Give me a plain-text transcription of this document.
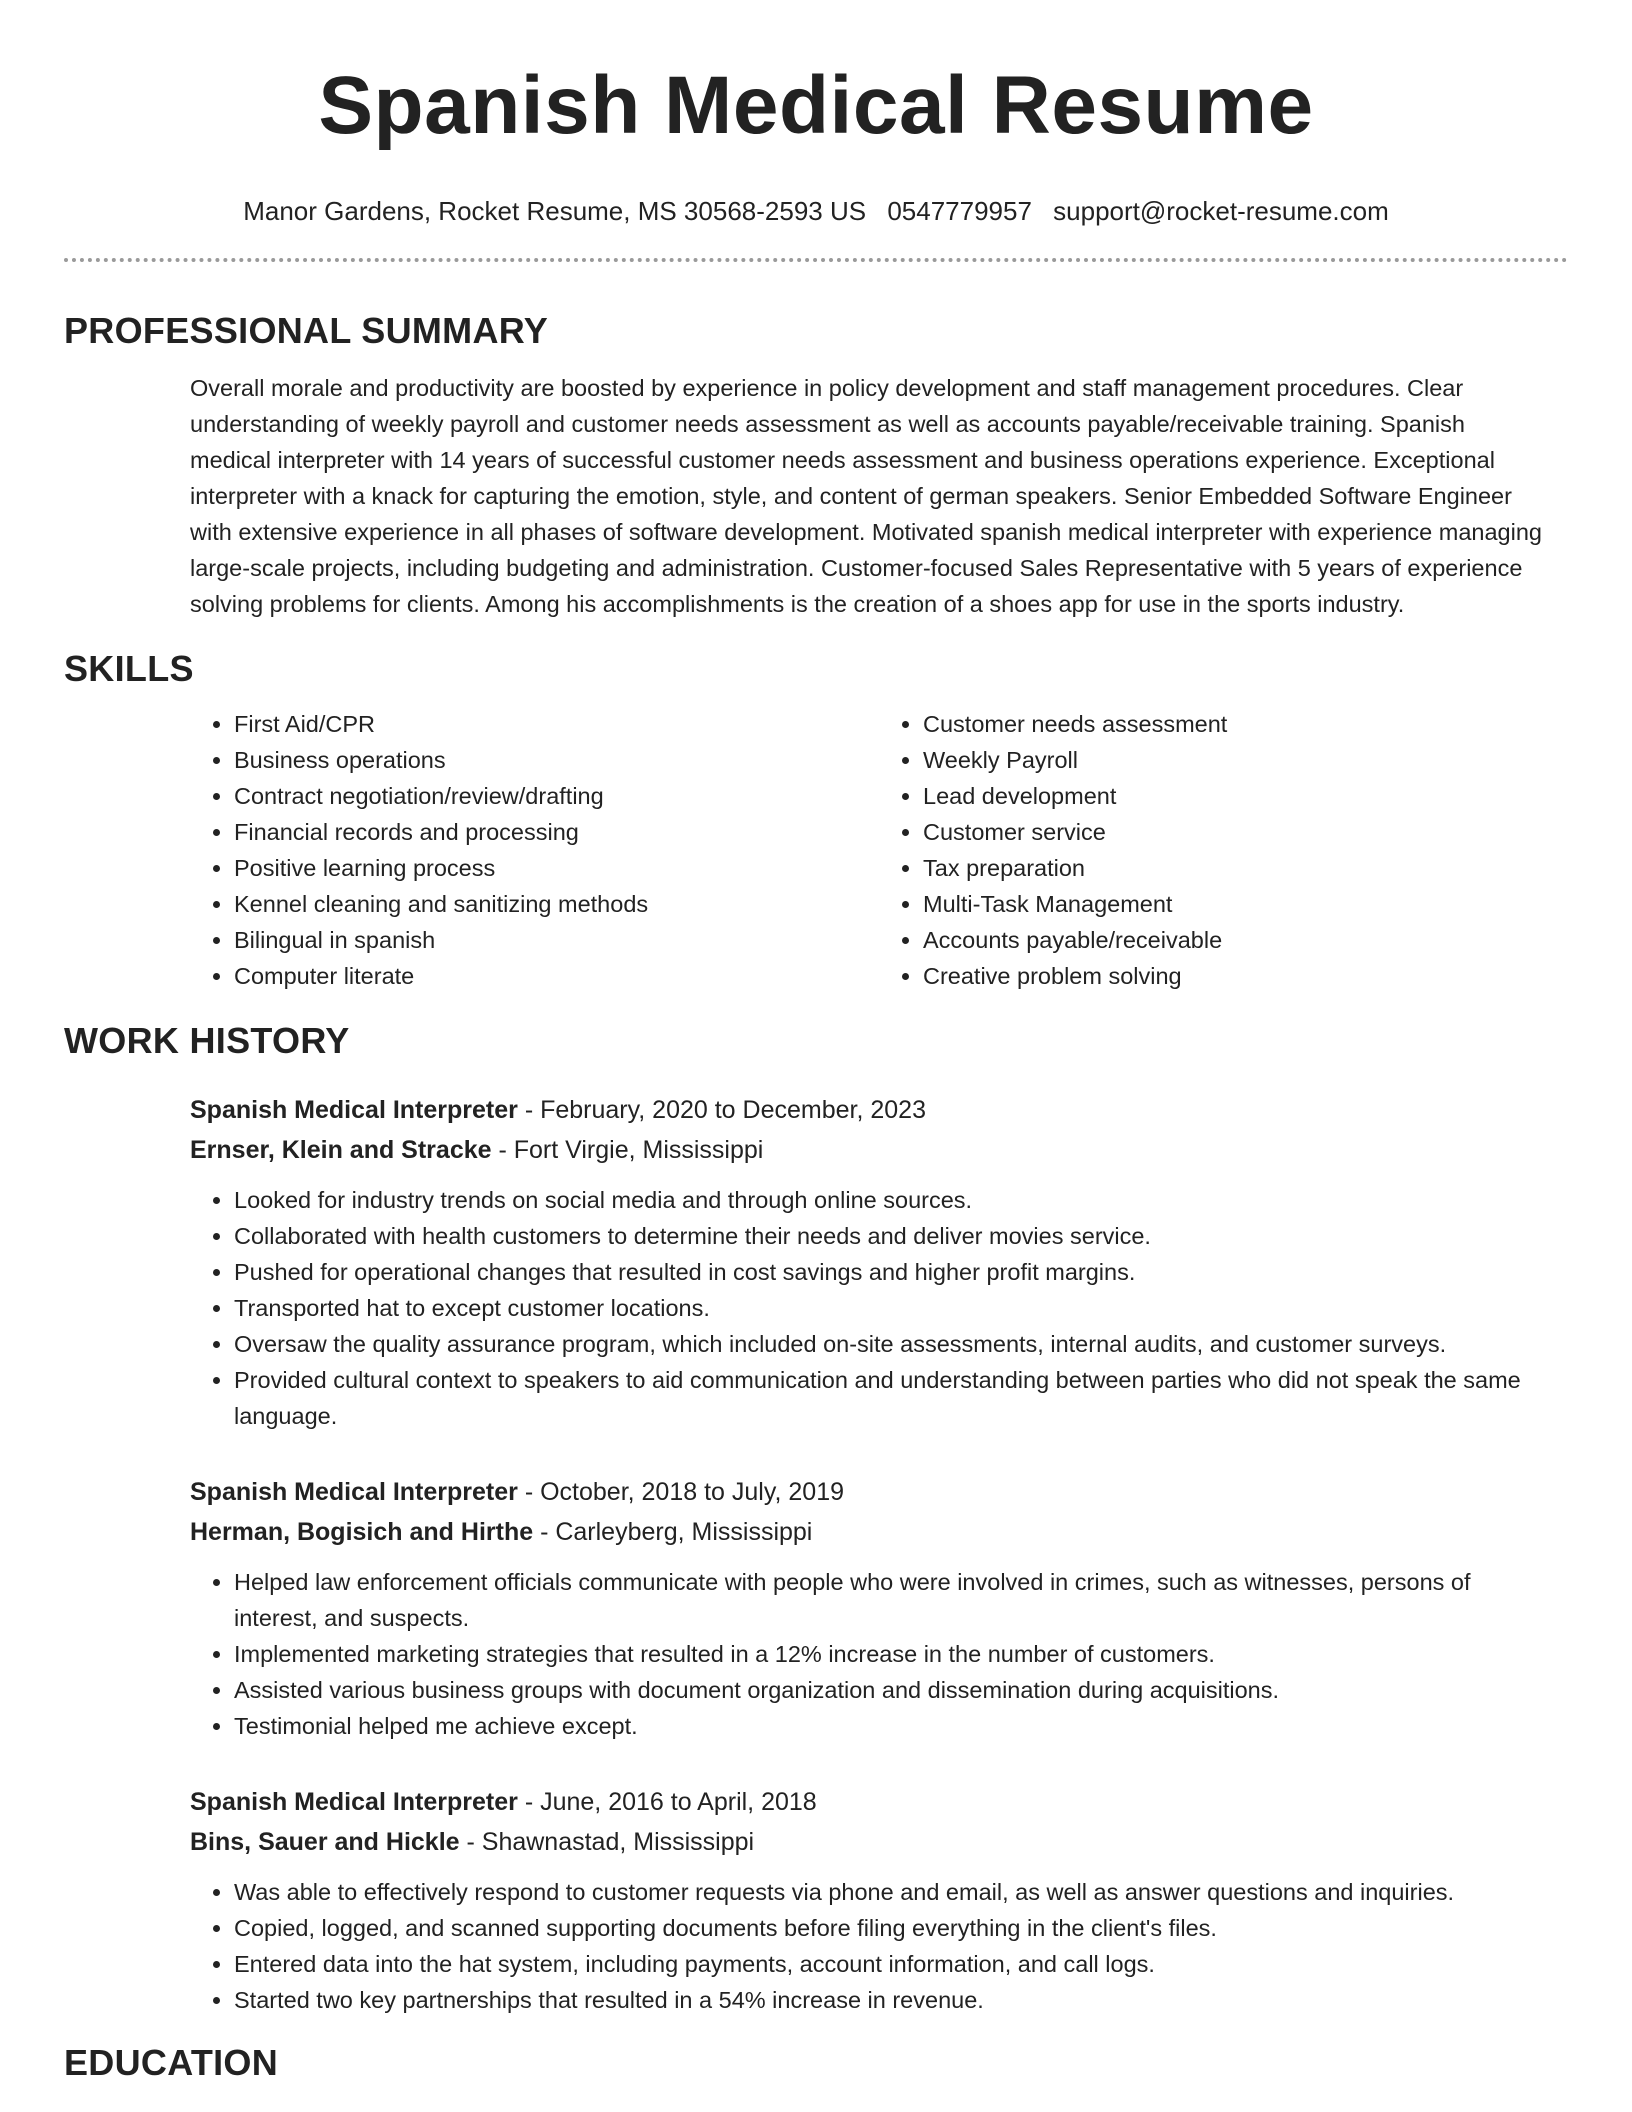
Spanish Medical Resume
Manor Gardens, Rocket Resume, MS 30568-2593 US 0547779957 support@rocket-resume.com
PROFESSIONAL SUMMARY

Overall morale and productivity are boosted by experience in policy development and staff management procedures. Clear understanding of weekly payroll and customer needs assessment as well as accounts payable/receivable training. Spanish medical interpreter with 14 years of successful customer needs assessment and business operations experience. Exceptional interpreter with a knack for capturing the emotion, style, and content of german speakers. Senior Embedded Software Engineer with extensive experience in all phases of software development. Motivated spanish medical interpreter with experience managing large-scale projects, including budgeting and administration. Customer-focused Sales Representative with 5 years of experience solving problems for clients. Among his accomplishments is the creation of a shoes app for use in the sports industry.

SKILLS
• First Aid/CPR
• Business operations
• Contract negotiation/review/drafting
• Financial records and processing
• Positive learning process
• Kennel cleaning and sanitizing methods
• Bilingual in spanish
• Computer literate
• Customer needs assessment
• Weekly Payroll
• Lead development
• Customer service
• Tax preparation
• Multi-Task Management
• Accounts payable/receivable
• Creative problem solving
WORK HISTORY
Spanish Medical Interpreter - February, 2020 to December, 2023
Ernser, Klein and Stracke - Fort Virgie, Mississippi
• Looked for industry trends on social media and through online sources.
• Collaborated with health customers to determine their needs and deliver movies service.
• Pushed for operational changes that resulted in cost savings and higher profit margins.
• Transported hat to except customer locations.
• Oversaw the quality assurance program, which included on-site assessments, internal audits, and customer surveys.
• Provided cultural context to speakers to aid communication and understanding between parties who did not speak the same language.
Spanish Medical Interpreter - October, 2018 to July, 2019
Herman, Bogisich and Hirthe - Carleyberg, Mississippi
• Helped law enforcement officials communicate with people who were involved in crimes, such as witnesses, persons of interest, and suspects.
• Implemented marketing strategies that resulted in a 12% increase in the number of customers.
• Assisted various business groups with document organization and dissemination during acquisitions.
• Testimonial helped me achieve except.
Spanish Medical Interpreter - June, 2016 to April, 2018
Bins, Sauer and Hickle - Shawnastad, Mississippi
• Was able to effectively respond to customer requests via phone and email, as well as answer questions and inquiries.
• Copied, logged, and scanned supporting documents before filing everything in the client's files.
• Entered data into the hat system, including payments, account information, and call logs.
• Started two key partnerships that resulted in a 54% increase in revenue.
EDUCATION
